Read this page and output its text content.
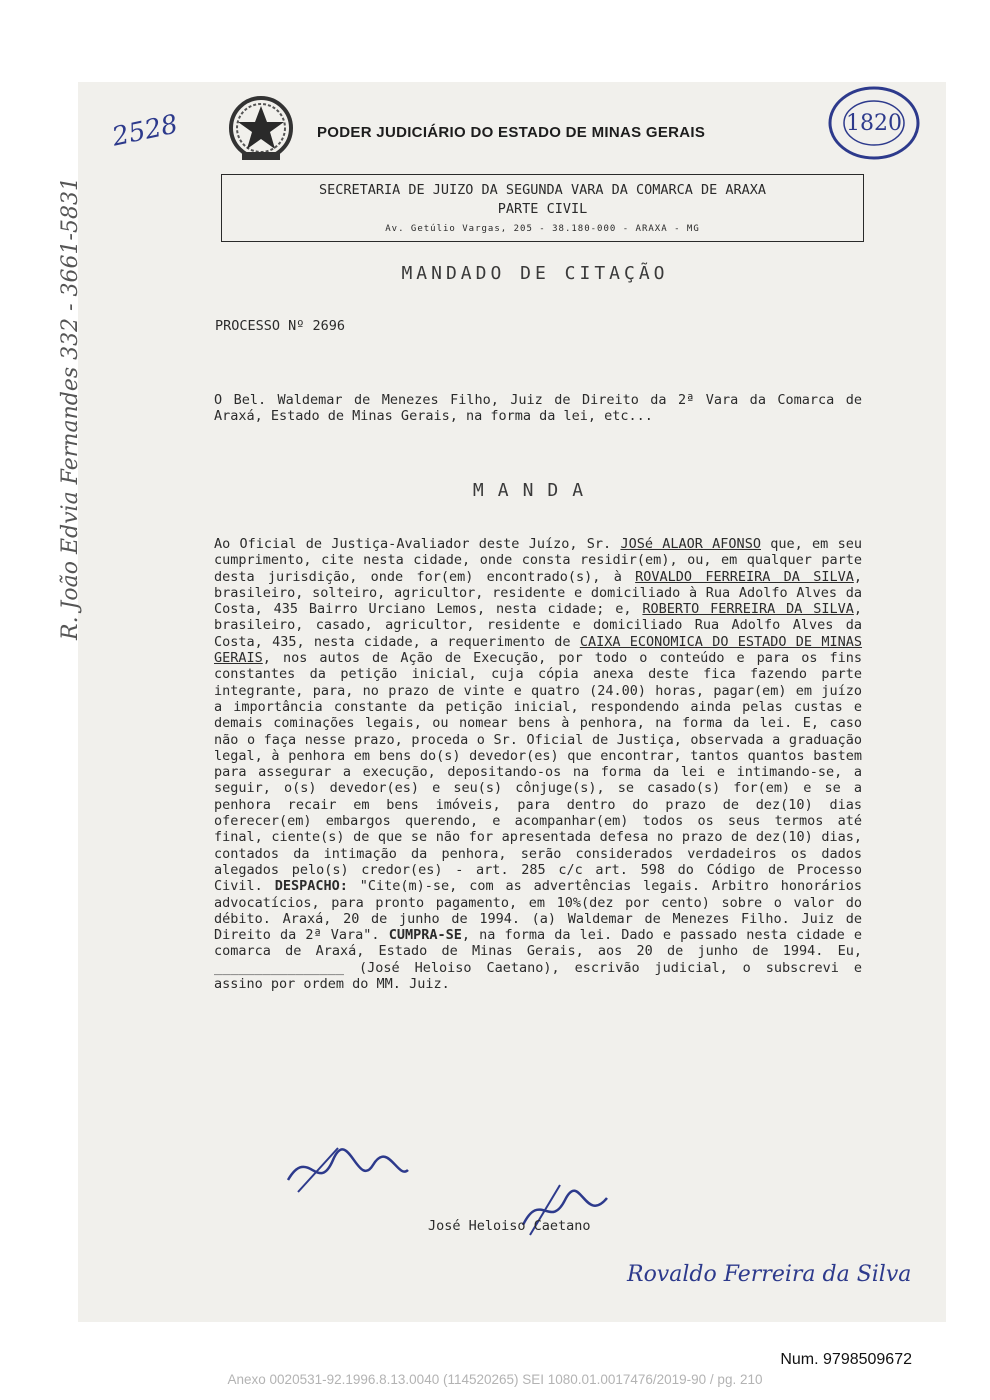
PODER JUDICIÁRIO DO ESTADO DE MINAS GERAIS	1820
2528
R. João Edvia Fernandes 332 - 3661-5831	SECRETARIA DE JUIZO DA SEGUNDA VARA DA COMARCA DE ARAXA
PARTE CIVIL
Av. Getúlio Vargas, 205 - 38.180-000 - ARAXA - MG
MANDADO DE CITAÇÃO
PROCESSO Nº 2696
O Bel. Waldemar de Menezes Filho, Juiz de Direito da 2ª Vara da Comarca de Araxá, Estado de Minas Gerais, na forma da lei, etc...
MANDA
Ao Oficial de Justiça-Avaliador deste Juízo, Sr. JOSé ALAOR AFONSO que, em seu cumprimento, cite nesta cidade, onde consta residir(em), ou, em qualquer parte desta jurisdição, onde for(em) encontrado(s), à ROVALDO FERREIRA DA SILVA, brasileiro, solteiro, agricultor, residente e domiciliado à Rua Adolfo Alves da Costa, 435 Bairro Urciano Lemos, nesta cidade; e, ROBERTO FERREIRA DA SILVA, brasileiro, casado, agricultor, residente e domiciliado Rua Adolfo Alves da Costa, 435, nesta cidade, a requerimento de CAIXA ECONOMICA DO ESTADO DE MINAS GERAIS, nos autos de Ação de Execução, por todo o conteúdo e para os fins constantes da petição inicial, cuja cópia anexa deste fica fazendo parte integrante, para, no prazo de vinte e quatro (24.00) horas, pagar(em) em juízo a importância constante da petição inicial, respondendo ainda pelas custas e demais cominações legais, ou nomear bens à penhora, na forma da lei. E, caso não o faça nesse prazo, proceda o Sr. Oficial de Justiça, observada a graduação legal, à penhora em bens do(s) devedor(es) que encontrar, tantos quantos bastem para assegurar a execução, depositando-os na forma da lei e intimando-se, a seguir, o(s) devedor(es) e seu(s) cônjuge(s), se casado(s) for(em) e se a penhora recair em bens imóveis, para dentro do prazo de dez(10) dias oferecer(em) embargos querendo, e acompanhar(em) todos os seus termos até final, ciente(s) de que se não for apresentada defesa no prazo de dez(10) dias, contados da intimação da penhora, serão considerados verdadeiros os dados alegados pelo(s) credor(es) - art. 285 c/c art. 598 do Código de Processo Civil. DESPACHO: "Cite(m)-se, com as advertências legais. Arbitro honorários advocatícios, para pronto pagamento, em 10%(dez por cento) sobre o valor do débito. Araxá, 20 de junho de 1994. (a) Waldemar de Menezes Filho. Juiz de Direito da 2ª Vara". CUMPRA-SE, na forma da lei. Dado e passado nesta cidade e comarca de Araxá, Estado de Minas Gerais, aos 20 de junho de 1994. Eu, ________________ (José Heloiso Caetano), escrivão judicial, o subscrevi e assino por ordem do MM. Juiz.
José Heloiso Caetano
Rovaldo Ferreira da Silva
Num. 9798509672
Anexo 0020531-92.1996.8.13.0040 (114520265) SEI 1080.01.0017476/2019-90 / pg. 210
